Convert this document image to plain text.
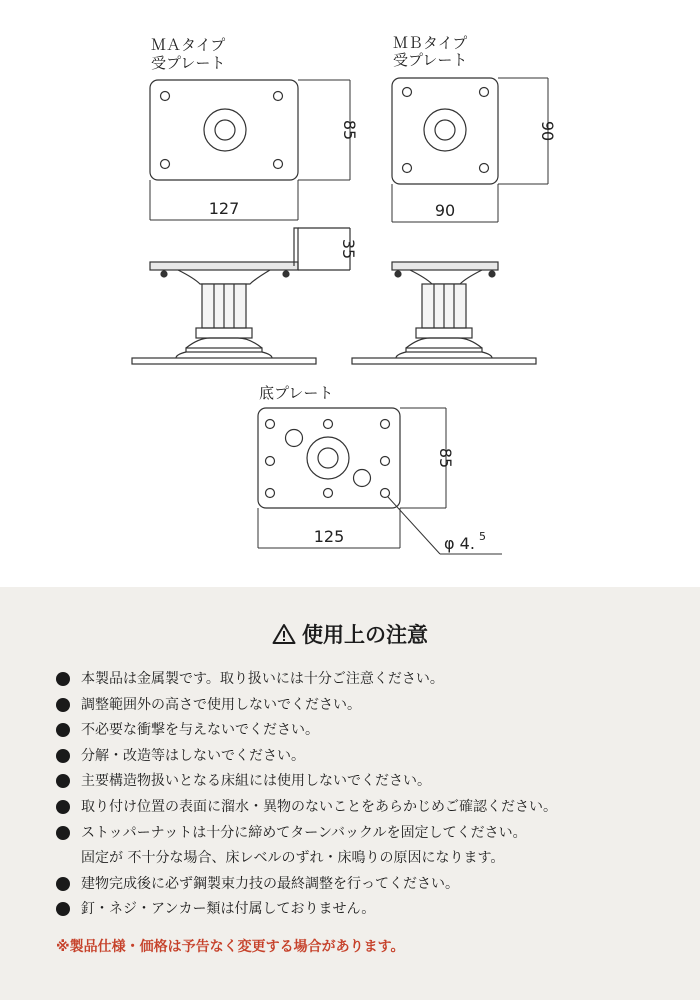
ＭＡタイプ
受プレート
ＭＢタイプ
受プレート
底プレート
127
85
35
90
90
125
85
φ 4. 5
使用上の注意
本製品は金属製です。取り扱いには十分ご注意ください。
調整範囲外の高さで使用しないでください。
不必要な衝撃を与えないでください。
分解・改造等はしないでください。
主要構造物扱いとなる床組には使用しないでください。
取り付け位置の表面に溜水・異物のないことをあらかじめご確認ください。
ストッパーナットは十分に締めてターンバックルを固定してください。
固定が 不十分な場合、床レベルのずれ・床鳴りの原因になります。
建物完成後に必ず鋼製束力技の最終調整を行ってください。
釘・ネジ・アンカー類は付属しておりません。
※製品仕様・価格は予告なく変更する場合があります。
